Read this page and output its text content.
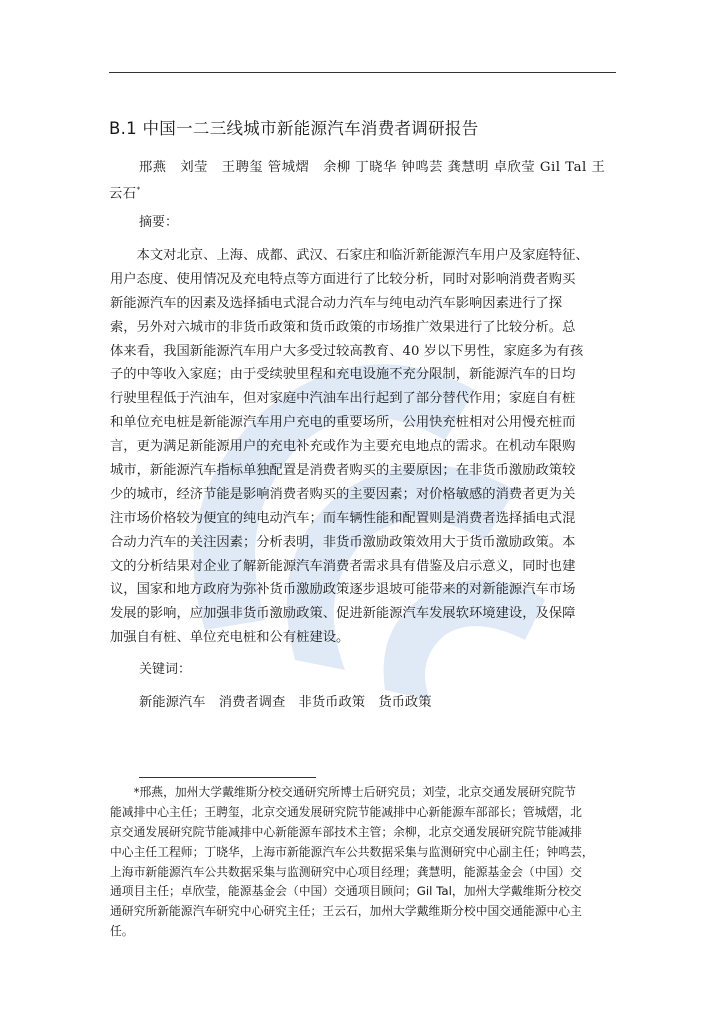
B.1 中国一二三线城市新能源汽车消费者调研报告
邢燕　刘莹　王聘玺 管城熠　余柳 丁晓华 钟鸣芸 龚慧明 卓欣莹 Gil Tal 王云石*
摘要：
　　本文对北京、上海、成都、武汉、石家庄和临沂新能源汽车用户及家庭特征、
用户态度、使用情况及充电特点等方面进行了比较分析，同时对影响消费者购买
新能源汽车的因素及选择插电式混合动力汽车与纯电动汽车影响因素进行了探
索，另外对六城市的非货币政策和货币政策的市场推广效果进行了比较分析。总
体来看，我国新能源汽车用户大多受过较高教育、40 岁以下男性，家庭多为有孩
子的中等收入家庭；由于受续驶里程和充电设施不充分限制，新能源汽车的日均
行驶里程低于汽油车，但对家庭中汽油车出行起到了部分替代作用；家庭自有桩
和单位充电桩是新能源汽车用户充电的重要场所，公用快充桩相对公用慢充桩而
言，更为满足新能源用户的充电补充或作为主要充电地点的需求。在机动车限购
城市，新能源汽车指标单独配置是消费者购买的主要原因；在非货币激励政策较
少的城市，经济节能是影响消费者购买的主要因素；对价格敏感的消费者更为关
注市场价格较为便宜的纯电动汽车；而车辆性能和配置则是消费者选择插电式混
合动力汽车的关注因素；分析表明，非货币激励政策效用大于货币激励政策。本
文的分析结果对企业了解新能源汽车消费者需求具有借鉴及启示意义，同时也建
议，国家和地方政府为弥补货币激励政策逐步退坡可能带来的对新能源汽车市场
发展的影响，应加强非货币激励政策、促进新能源汽车发展软环境建设，及保障
加强自有桩、单位充电桩和公有桩建设。
关键词：
新能源汽车　消费者调查　非货币政策　货币政策
　　*邢燕，加州大学戴维斯分校交通研究所博士后研究员；刘莹，北京交通发展研究院节
能减排中心主任；王聘玺，北京交通发展研究院节能减排中心新能源车部部长；管城熠，北
京交通发展研究院节能减排中心新能源车部技术主管；余柳，北京交通发展研究院节能减排
中心主任工程师；丁晓华，上海市新能源汽车公共数据采集与监测研究中心副主任；钟鸣芸，
上海市新能源汽车公共数据采集与监测研究中心项目经理；龚慧明，能源基金会（中国）交
通项目主任；卓欣莹，能源基金会（中国）交通项目顾问；Gil Tal，加州大学戴维斯分校交
通研究所新能源汽车研究中心研究主任；王云石，加州大学戴维斯分校中国交通能源中心主
任。
